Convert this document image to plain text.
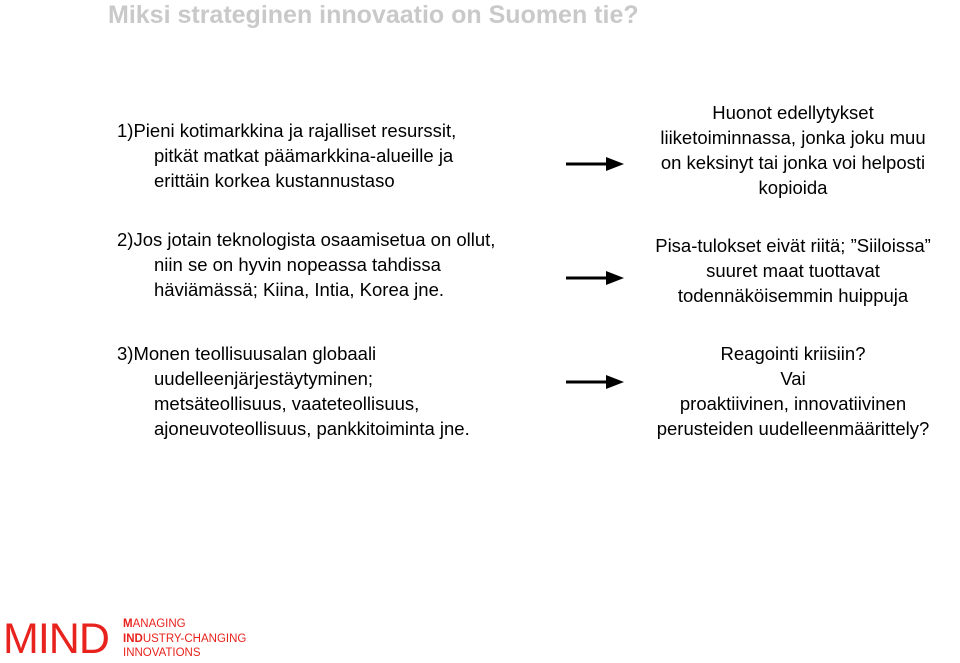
Miksi strateginen innovaatio on Suomen tie?
1)Pieni kotimarkkina ja rajalliset resurssit,
pitkät matkat päämarkkina-alueille ja
erittäin korkea kustannustaso
2)Jos jotain teknologista osaamisetua on ollut,
niin se on hyvin nopeassa tahdissa
häviämässä; Kiina, Intia, Korea jne.
3)Monen teollisuusalan globaali
uudelleenjärjestäytyminen;
metsäteollisuus, vaateteollisuus,
ajoneuvoteollisuus, pankkitoiminta jne.
Huonot edellytykset
liiketoiminnassa, jonka joku muu
on keksinyt tai jonka voi helposti
kopioida
Pisa-tulokset eivät riitä; ”Siiloissa”
suuret maat tuottavat
todennäköisemmin huippuja
Reagointi kriisiin?
Vai
proaktiivinen, innovatiivinen
perusteiden uudelleenmäärittely?
MIND MANAGING
INDUSTRY-CHANGING
INNOVATIONS
